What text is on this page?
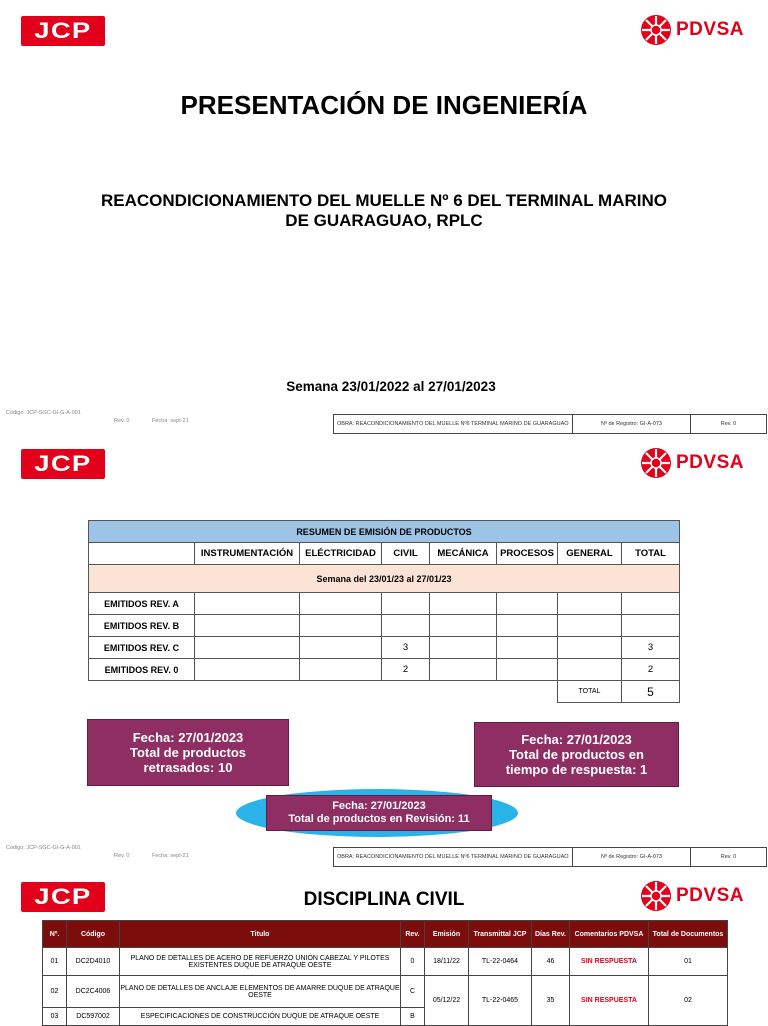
JCP	PDVSA
PRESENTACIÓN DE INGENIERÍA
REACONDICIONAMIENTO DEL MUELLE Nº 6 DEL TERMINAL MARINO
DE GUARAGUAO, RPLC
Semana 23/01/2022 al 27/01/2023
Código: JCP-SGC-GI-G-A-001
Rev. 0	Fecha: sept-21	OBRA: REACONDICIONAMIENTO DEL MUELLE Nº6 TERMINAL MARINO DE GUARAGUAO	Nº de Registro: GI-A-073	Rev. 0
JCP	PDVSA
RESUMEN DE EMISIÓN DE PRODUCTOS							
	INSTRUMENTACIÓN	ELÉCTRICIDAD	CIVIL	MECÁNICA	PROCESOS	GENERAL	TOTAL
Semana del 23/01/23 al 27/01/23							
EMITIDOS REV. A							
EMITIDOS REV. B							
EMITIDOS REV. C			3				3
EMITIDOS REV. 0			2				2
						TOTAL	5
Fecha: 27/01/2023
Total de productos
retrasados: 10
Fecha: 27/01/2023
Total de productos en
tiempo de respuesta: 1
Fecha: 27/01/2023
Total de productos en Revisión: 11
Código: JCP-SGC-GI-G-A-001
Rev. 0	Fecha: sept-21	OBRA: REACONDICIONAMIENTO DEL MUELLE Nº6 TERMINAL MARINO DE GUARAGUAO	Nº de Registro: GI-A-073	Rev. 0
JCP	PDVSA
DISCIPLINA CIVIL
Nº.	Código	Titulo	Rev.	Emisión	Transmittal JCP	Días Rev.	Comentarios PDVSA	Total de Documentos
01	DC2D4010	PLANO DE DETALLES DE ACERO DE REFUERZO UNIÓN CABEZAL Y PILOTES EXISTENTES DUQUE DE ATRAQUE OESTE	0	18/11/22	TL-22-0464	46	SIN RESPUESTA	01
02	DC2C4006	PLANO DE DETALLES DE ANCLAJE ELEMENTOS DE AMARRE DUQUE DE ATRAQUE OESTE	C	05/12/22	TL-22-0465	35	SIN RESPUESTA	02
03	DC597002	ESPECIFICACIONES DE CONSTRUCCIÓN DUQUE DE ATRAQUE OESTE	B					
